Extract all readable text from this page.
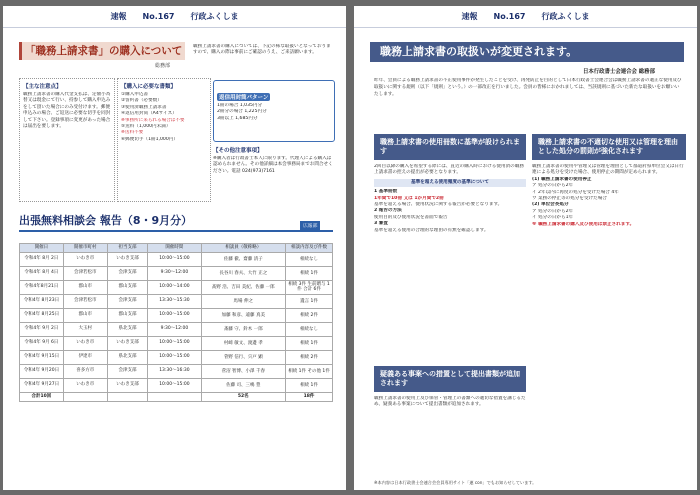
速報 No.167 行政ふくしま
「職務上請求書」の購入について
総務部
職務上請求書の購入については、下記の様な取扱いとなっておりますので、購入の際は事前にご確認のうえ、ご来訪願います。
【主な注意点】
職務上請求書の購入代金支払は、定額小為替又は現金にて行い、持参して購入申込みをして頂いた場合にのみ受付けます。郵便申込みの場合、ご返送に必要な切手を同封して下さい。登録事項に変更があった場合は届出を要します。
【購入に必要な書類】
①購入申込書
②誓約書（必要数）
③使用済職務上請求書
④返信用封筒（A4サイズ）
※事務所に来られる場合は不要
⑤送料（1,000円未満）
※送料不要
⑥郵便切手（1冊1,000円）
返信用封筒パターン
1冊の場合 1,035円分
2冊分の場合 1,225円分
3冊以上 1,685円分
【その他注意事項】
※購入者は行政書士本人に限ります。代理人による購入は認められません。その他詳細は本会事務局までお問合せください。電話 024(973)7161
出張無料相談会 報告（8・9月分）	広報部
開催日	開催市町村	担当支部	開催時間	相談員（敬称略）	相談内容及び件数
令和4年 8月 2日	いわき市	いわき支部	10:00～15:00	佐藤 徹、齋藤 清子	相続なし
令和4年 8月 4日	会津若松市	会津支部	9:30～12:00	長谷川 春夫、大竹 正之	相続 1件
令和4年8月21日	郡山市	郡山支部	10:00～14:00	髙野 浩、吉田 美紀、佐藤 一郎	相続 3件 生前贈与 1件 合計 6件
令和4年 8月23日	会津若松市	会津支部	13:30～15:30	馬場 伸之	遺言 1件
令和4年 8月25日	郡山市	郡山支部	10:00～15:00	加藤 和彦、遠藤 真美	相続 2件
令和4年 9月 2日	大玉村	県北支部	9:30～12:00	斎藤 守、鈴木 一郎	相続なし
令和4年 9月 6日	いわき市	いわき支部	10:00～15:00	村﨑 敏文、渡邊 孝	相続 1件
令和4年 9月15日	伊達市	県北支部	10:00～15:00	菅野 信行、宍戸 顕	相続 2件
令和4年 9月20日	喜多方市	会津支部	13:30～16:30	菅沼 智博、小澤 千春	相続 1件 その他 1件
令和4年 9月27日	いわき市	いわき支部	10:00～15:00	佐藤 司、三嶋 豊	相続 1件
合計10回				52名	18件
速報 No.167 行政ふくしま
職務上請求書の取扱いが変更されます。
日本行政書士会連合会 総務部
昨年、会員による職務上請求書の不正使用事件が発生したことを受け、再発防止を目的として日本行政書士会連合会は職務上請求書の適正な使用及び取扱いに関する規則（以下「規則」という。）の一部改正を行いました。会員の皆様におかれましては、当該規則に基づいた新たな取扱いをお願いいたします。
職務上請求書の使用冊数に基準が設けられます
2回目以降の購入を希望する際には、直近の購入時における使用済の職務上請求書の控えの提出が必要となります。
基準を超える使用頻度の基準について
1 基準冊数
1年間で10冊 又は 1か月間で2冊
基準を超える場合、使用状況に関する報告が必要となります。
2 報告の方法
使用目的及び使用状況を書面で報告
3 審査
基準を超える使用の合理的な理由の有無を確認します。
職務上請求書の不適切な使用又は管理を理由とした処分の罰則が強化されます
職務上請求書の使用や管理又は管理を理由として都道府県単位会又は日行連による処分を受けた場合、使用停止の期間が定められます。
(1) 職務上請求書の使用停止
ア 処分の日から2年
イ 2年以内に再度の処分を受けた場合 4年
ウ 業務の停止等の処分を受けた場合
(2) 単位会長処分
ア 処分の日から2年
イ 処分の日から1年
※ 職務上請求書の購入及び使用は禁止されます。
疑義ある事案への措置として提出書類が追加されます
職務上請求書の使用上及び保管・管理上の書類への適切な措置を講じるため、疑義ある事案について提出書類が追加されます。
※本内容は日本行政書士会連合会会員専用サイト「連 con」でもお知らせしています。
